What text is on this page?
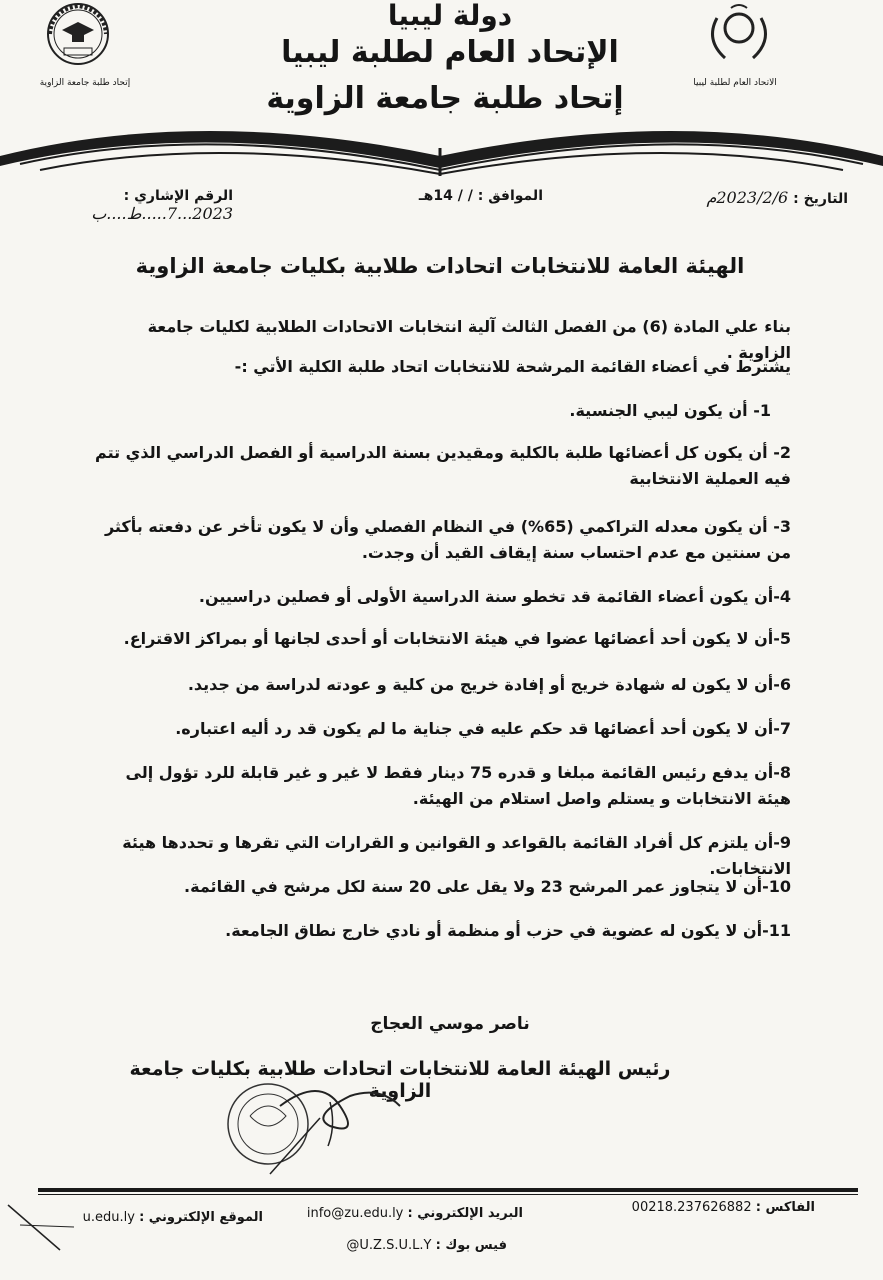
إتحاد طلبة جامعة الزاوية
دولة ليبيا
الإتحاد العام لطلبة ليبيا
إتحاد طلبة جامعة الزاوية	الاتحاد العام لطلبة ليبيا
التاريخ : 2023/2/6م
الموافق : / / 14هـ
الرقم الإشاري : 2023...7.....ط....ب
الهيئة العامة للانتخابات اتحادات طلابية بكليات جامعة الزاوية
بناء علي المادة (6) من الفصل الثالث آلية انتخابات الاتحادات الطلابية لكليات جامعة الزاوية .
يشترط في أعضاء القائمة المرشحة للانتخابات اتحاد طلبة الكلية الأتي :-
1- أن يكون ليبي الجنسية.
2- أن يكون كل أعضائها طلبة بالكلية ومقيدين بسنة الدراسية أو الفصل الدراسي الذي تتم فيه العملية الانتخابية
3- أن يكون معدله التراكمي (65%) في النظام الفصلي وأن لا يكون تأخر عن دفعته بأكثر من سنتين مع عدم احتساب سنة إيقاف القيد أن وجدت.
4-أن يكون أعضاء القائمة قد تخطو سنة الدراسية الأولى أو فصلين دراسيين.
5-أن لا يكون أحد أعضائها عضوا في هيئة الانتخابات أو أحدى لجانها أو بمراكز الاقتراع.
6-أن لا يكون له شهادة خريج أو إفادة خريج من كلية و عودته لدراسة من جديد.
7-أن لا يكون أحد أعضائها قد حكم عليه في جناية ما لم يكون قد رد أليه اعتباره.
8-أن يدفع رئيس القائمة مبلغا و قدره 75 دينار فقط لا غير و غير قابلة للرد تؤول إلى هيئة الانتخابات و يستلم واصل استلام من الهيئة.
9-أن يلتزم كل أفراد القائمة بالقواعد و القوانين و القرارات التي تقرها و تحددها هيئة الانتخابات.
10-أن لا يتجاوز عمر المرشح 23 ولا يقل على 20 سنة لكل مرشح في القائمة.
11-أن لا يكون له عضوية في حزب أو منظمة أو نادي خارج نطاق الجامعة.
ناصر موسي العجاج
رئيس الهيئة العامة للانتخابات اتحادات طلابية بكليات جامعة الزاوية
الفاكس : 00218.237626882
البريد الإلكتروني : info@zu.edu.ly
الموقع الإلكتروني : u.edu.ly
فيس بوك : U.Z.S.U.L.Y@
